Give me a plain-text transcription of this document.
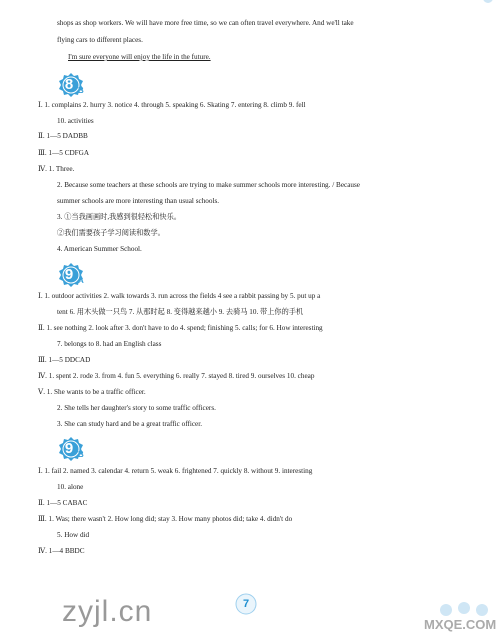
shops as shop workers. We will have more free time, so we can often travel everywhere. And we'll take
flying cars to different places.
I'm sure everyone will enjoy the life in the future.
8 B
Ⅰ. 1. complains 2. hurry 3. notice 4. through 5. speaking 6. Skating 7. entering 8. climb 9. fell
10. activities
Ⅱ. 1—5 DADBB
Ⅲ. 1—5 CDFGA
Ⅳ. 1. Three.
2. Because some teachers at these schools are trying to make summer schools more interesting. / Because
summer schools are more interesting than usual schools.
3. ①当我画画时,我感到很轻松和快乐。
②我们需要孩子学习阅读和数学。
4. American Summer School.
9 A
Ⅰ. 1. outdoor activities 2. walk towards 3. run across the fields 4 see a rabbit passing by 5. put up a
tent 6. 用木头做一只鸟 7. 从那时起 8. 变得越来越小 9. 去骑马 10. 带上你的手机
Ⅱ. 1. see nothing 2. look after 3. don't have to do 4. spend; finishing 5. calls; for 6. How interesting
7. belongs to 8. had an English class
Ⅲ. 1—5 DDCAD
Ⅳ. 1. spent 2. rode 3. from 4. fun 5. everything 6. really 7. stayed 8. tired 9. ourselves 10. cheap
Ⅴ. 1. She wants to be a traffic officer.
2. She tells her daughter's story to some traffic officers.
3. She can study hard and be a great traffic officer.
9 B
Ⅰ. 1. fail 2. named 3. calendar 4. return 5. weak 6. frightened 7. quickly 8. without 9. interesting
10. alone
Ⅱ. 1—5 CABAC
Ⅲ. 1. Was; there wasn't 2. How long did; stay 3. How many photos did; take 4. didn't do
5. How did
Ⅳ. 1—4 BBDC
zyjl.cn	7
MXQE.COM
